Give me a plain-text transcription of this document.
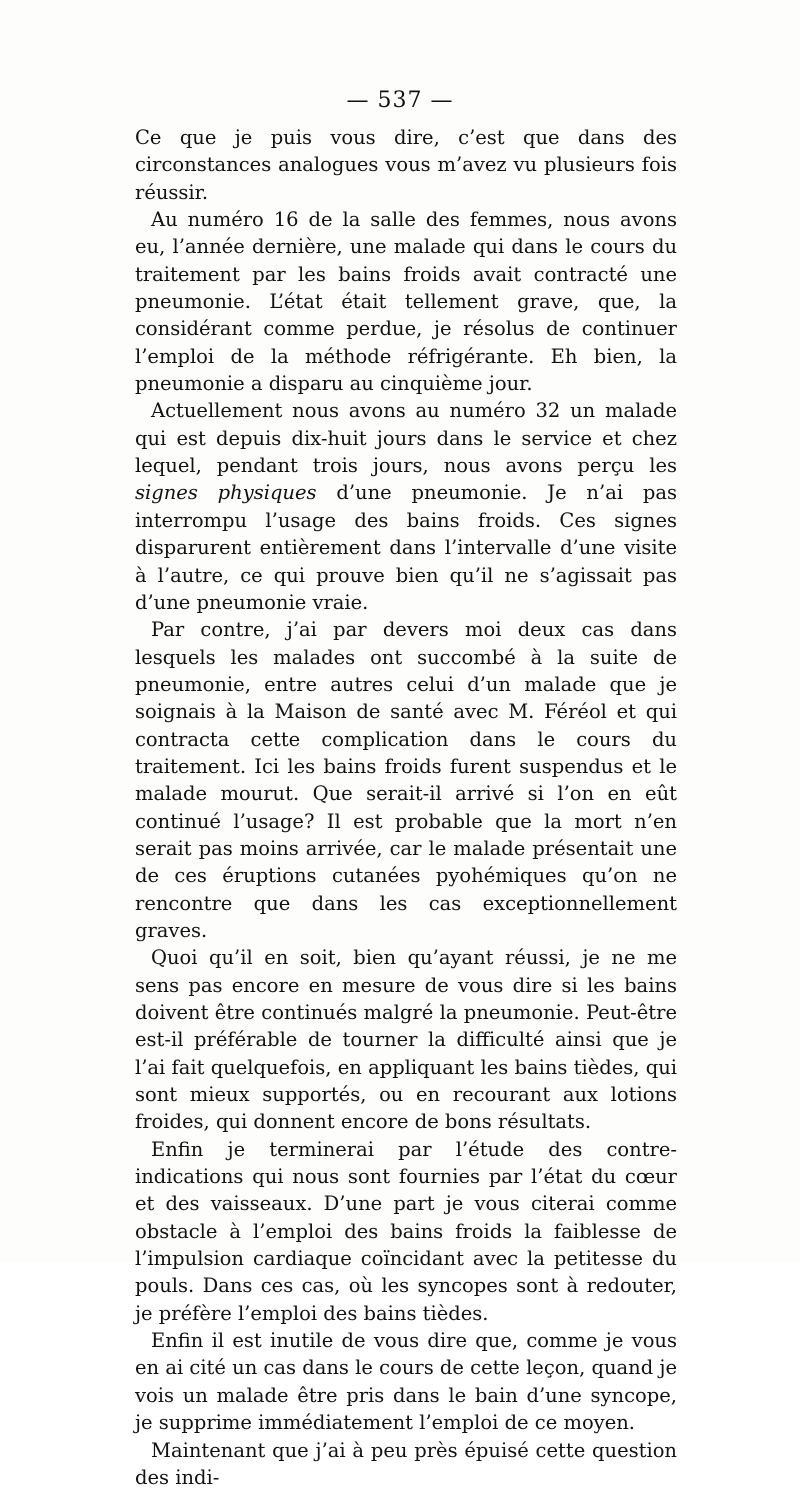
— 537 —

Ce que je puis vous dire, c’est que dans des circonstances analogues vous m’avez vu plusieurs fois réussir.

Au numéro 16 de la salle des femmes, nous avons eu, l’année dernière, une malade qui dans le cours du traitement par les bains froids avait contracté une pneumonie. L’état était tellement grave, que, la considérant comme perdue, je résolus de continuer l’emploi de la méthode réfrigérante. Eh bien, la pneumonie a disparu au cinquième jour.

Actuellement nous avons au numéro 32 un malade qui est depuis dix-huit jours dans le service et chez lequel, pendant trois jours, nous avons perçu les signes physiques d’une pneumonie. Je n’ai pas interrompu l’usage des bains froids. Ces signes disparurent entièrement dans l’intervalle d’une visite à l’autre, ce qui prouve bien qu’il ne s’agissait pas d’une pneumonie vraie.

Par contre, j’ai par devers moi deux cas dans lesquels les malades ont succombé à la suite de pneumonie, entre autres celui d’un malade que je soignais à la Maison de santé avec M. Féréol et qui contracta cette complication dans le cours du traitement. Ici les bains froids furent suspendus et le malade mourut. Que serait-il arrivé si l’on en eût continué l’usage? Il est probable que la mort n’en serait pas moins arrivée, car le malade présentait une de ces éruptions cutanées pyohémiques qu’on ne rencontre que dans les cas exceptionnellement graves.

Quoi qu’il en soit, bien qu’ayant réussi, je ne me sens pas encore en mesure de vous dire si les bains doivent être continués malgré la pneumonie. Peut-être est-il préférable de tourner la difficulté ainsi que je l’ai fait quelquefois, en appliquant les bains tièdes, qui sont mieux supportés, ou en recourant aux lotions froides, qui donnent encore de bons résultats.

Enfin je terminerai par l’étude des contre-indications qui nous sont fournies par l’état du cœur et des vaisseaux. D’une part je vous citerai comme obstacle à l’emploi des bains froids la faiblesse de l’impulsion cardiaque coïncidant avec la petitesse du pouls. Dans ces cas, où les syncopes sont à redouter, je préfère l’emploi des bains tièdes.

Enfin il est inutile de vous dire que, comme je vous en ai cité un cas dans le cours de cette leçon, quand je vois un malade être pris dans le bain d’une syncope, je supprime immédiatement l’emploi de ce moyen.

Maintenant que j’ai à peu près épuisé cette question des indi-
